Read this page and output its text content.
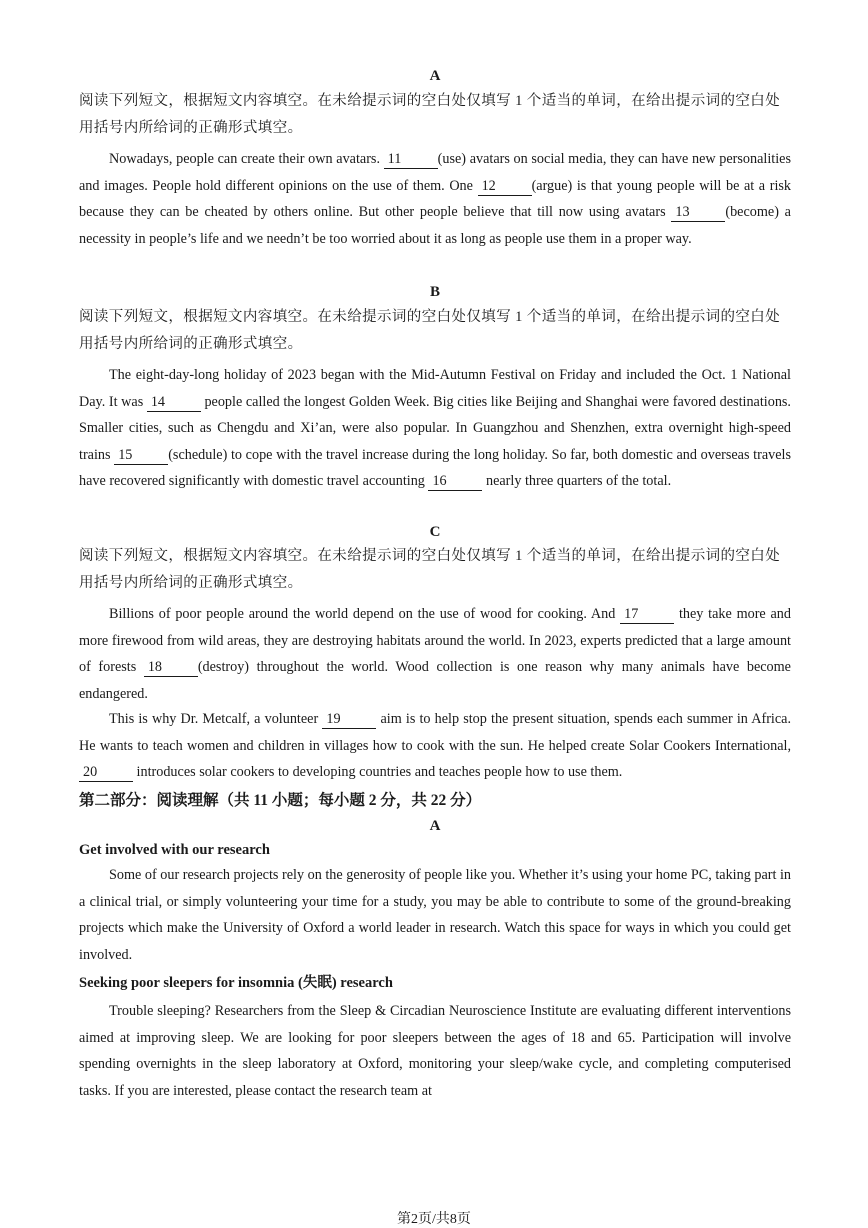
A

阅读下列短文，根据短文内容填空。在未给提示词的空白处仅填写 1 个适当的单词，在给出提示词的空白处用括号内所给词的正确形式填空。

Nowadays, people can create their own avatars. 11	(use) avatars on social media, they can have new personalities and images. People hold different opinions on the use of them. One 12	(argue) is that young people will be at a risk because they can be cheated by others online. But other people believe that till now using avatars 13	(become) a necessity in people’s life and we needn’t be too worried about it as long as people use them in a proper way.

B

阅读下列短文，根据短文内容填空。在未给提示词的空白处仅填写 1 个适当的单词，在给出提示词的空白处用括号内所给词的正确形式填空。

The eight-day-long holiday of 2023 began with the Mid-Autumn Festival on Friday and included the Oct. 1 National Day. It was 14	people called the longest Golden Week. Big cities like Beijing and Shanghai were favored destinations. Smaller cities, such as Chengdu and Xi’an, were also popular. In Guangzhou and Shenzhen, extra overnight high-speed trains 15	(schedule) to cope with the travel increase during the long holiday. So far, both domestic and overseas travels have recovered significantly with domestic travel accounting 16	nearly three quarters of the total.

C

阅读下列短文，根据短文内容填空。在未给提示词的空白处仅填写 1 个适当的单词，在给出提示词的空白处用括号内所给词的正确形式填空。

Billions of poor people around the world depend on the use of wood for cooking. And 17	they take more and more firewood from wild areas, they are destroying habitats around the world. In 2023, experts predicted that a large amount of forests 18	(destroy) throughout the world. Wood collection is one reason why many animals have become endangered.

This is why Dr. Metcalf, a volunteer 19	aim is to help stop the present situation, spends each summer in Africa. He wants to teach women and children in villages how to cook with the sun. He helped create Solar Cookers International, 20	introduces solar cookers to developing countries and teaches people how to use them.

第二部分：阅读理解（共 11 小题；每小题 2 分，共 22 分）
A
Get involved with our research

Some of our research projects rely on the generosity of people like you. Whether it’s using your home PC, taking part in a clinical trial, or simply volunteering your time for a study, you may be able to contribute to some of the ground-breaking projects which make the University of Oxford a world leader in research. Watch this space for ways in which you could get involved.

Seeking poor sleepers for insomnia (失眠) research

Trouble sleeping? Researchers from the Sleep & Circadian Neuroscience Institute are evaluating different interventions aimed at improving sleep. We are looking for poor sleepers between the ages of 18 and 65. Participation will involve spending overnights in the sleep laboratory at Oxford, monitoring your sleep/wake cycle, and completing computerised tasks. If you are interested, please contact the research team at

第2页/共8页
